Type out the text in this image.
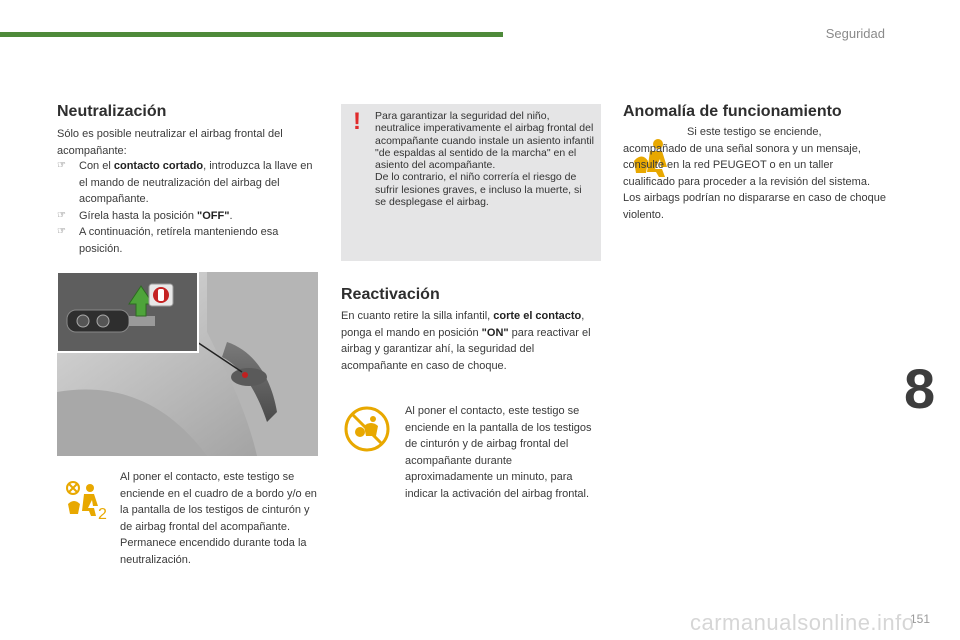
Seguridad
8
Neutralización

Sólo es posible neutralizar el airbag frontal del acompañante:

☞ Con el contacto cortado, introduzca la llave en el mando de neutralización del airbag del acompañante.
☞ Gírela hasta la posición "OFF".
☞ A continuación, retírela manteniendo esa posición.
2

Al poner el contacto, este testigo se enciende en el cuadro de a bordo y/o en la pantalla de los testigos de cinturón y de airbag frontal del acompañante. Permanece encendido durante toda la neutralización.

! Para garantizar la seguridad del niño, neutralice imperativamente el airbag frontal del acompañante cuando instale un asiento infantil "de espaldas al sentido de la marcha" en el asiento del acompañante.
De lo contrario, el niño correría el riesgo de sufrir lesiones graves, e incluso la muerte, si se desplegase el airbag.

Reactivación

En cuanto retire la silla infantil, corte el contacto, ponga el mando en posición "ON" para reactivar el airbag y garantizar ahí, la seguridad del acompañante en caso de choque.

Al poner el contacto, este testigo se enciende en la pantalla de los testigos de cinturón y de airbag frontal del acompañante durante aproximadamente un minuto, para indicar la activación del airbag frontal.

Anomalía de funcionamiento

Si este testigo se enciende, acompañado de una señal sonora y un mensaje, consulte en la red PEUGEOT o en un taller cualificado para proceder a la revisión del sistema. Los airbags podrían no dispararse en caso de choque violento.

151
carmanualsonline.info
